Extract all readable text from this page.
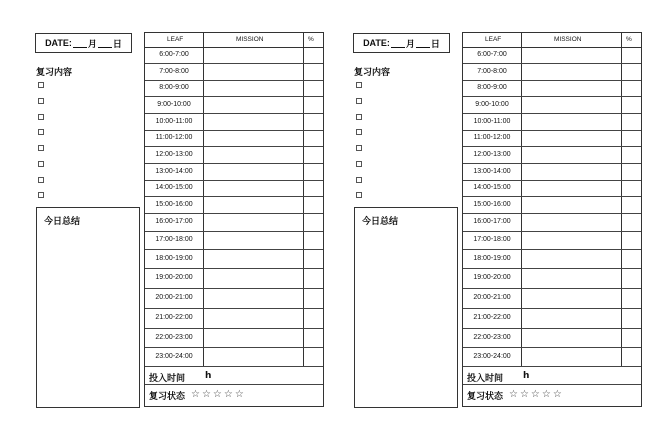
DATE: 月 日
复习内容
今日总结
LEAF	MISSION	%
6:00-7:00
7:00-8:00
8:00-9:00
9:00-10:00
10:00-11:00
11:00-12:00
12:00-13:00
13:00-14:00
14:00-15:00
15:00-16:00
16:00-17:00
17:00-18:00
18:00-19:00
19:00-20:00
20:00-21:00
21:00-22:00
22:00-23:00
23:00-24:00
投入时间 h
复习状态 ☆☆☆☆☆
DATE: 月 日
复习内容
今日总结
LEAF	MISSION	%
6:00-7:00
7:00-8:00
8:00-9:00
9:00-10:00
10:00-11:00
11:00-12:00
12:00-13:00
13:00-14:00
14:00-15:00
15:00-16:00
16:00-17:00
17:00-18:00
18:00-19:00
19:00-20:00
20:00-21:00
21:00-22:00
22:00-23:00
23:00-24:00
投入时间 h
复习状态 ☆☆☆☆☆
